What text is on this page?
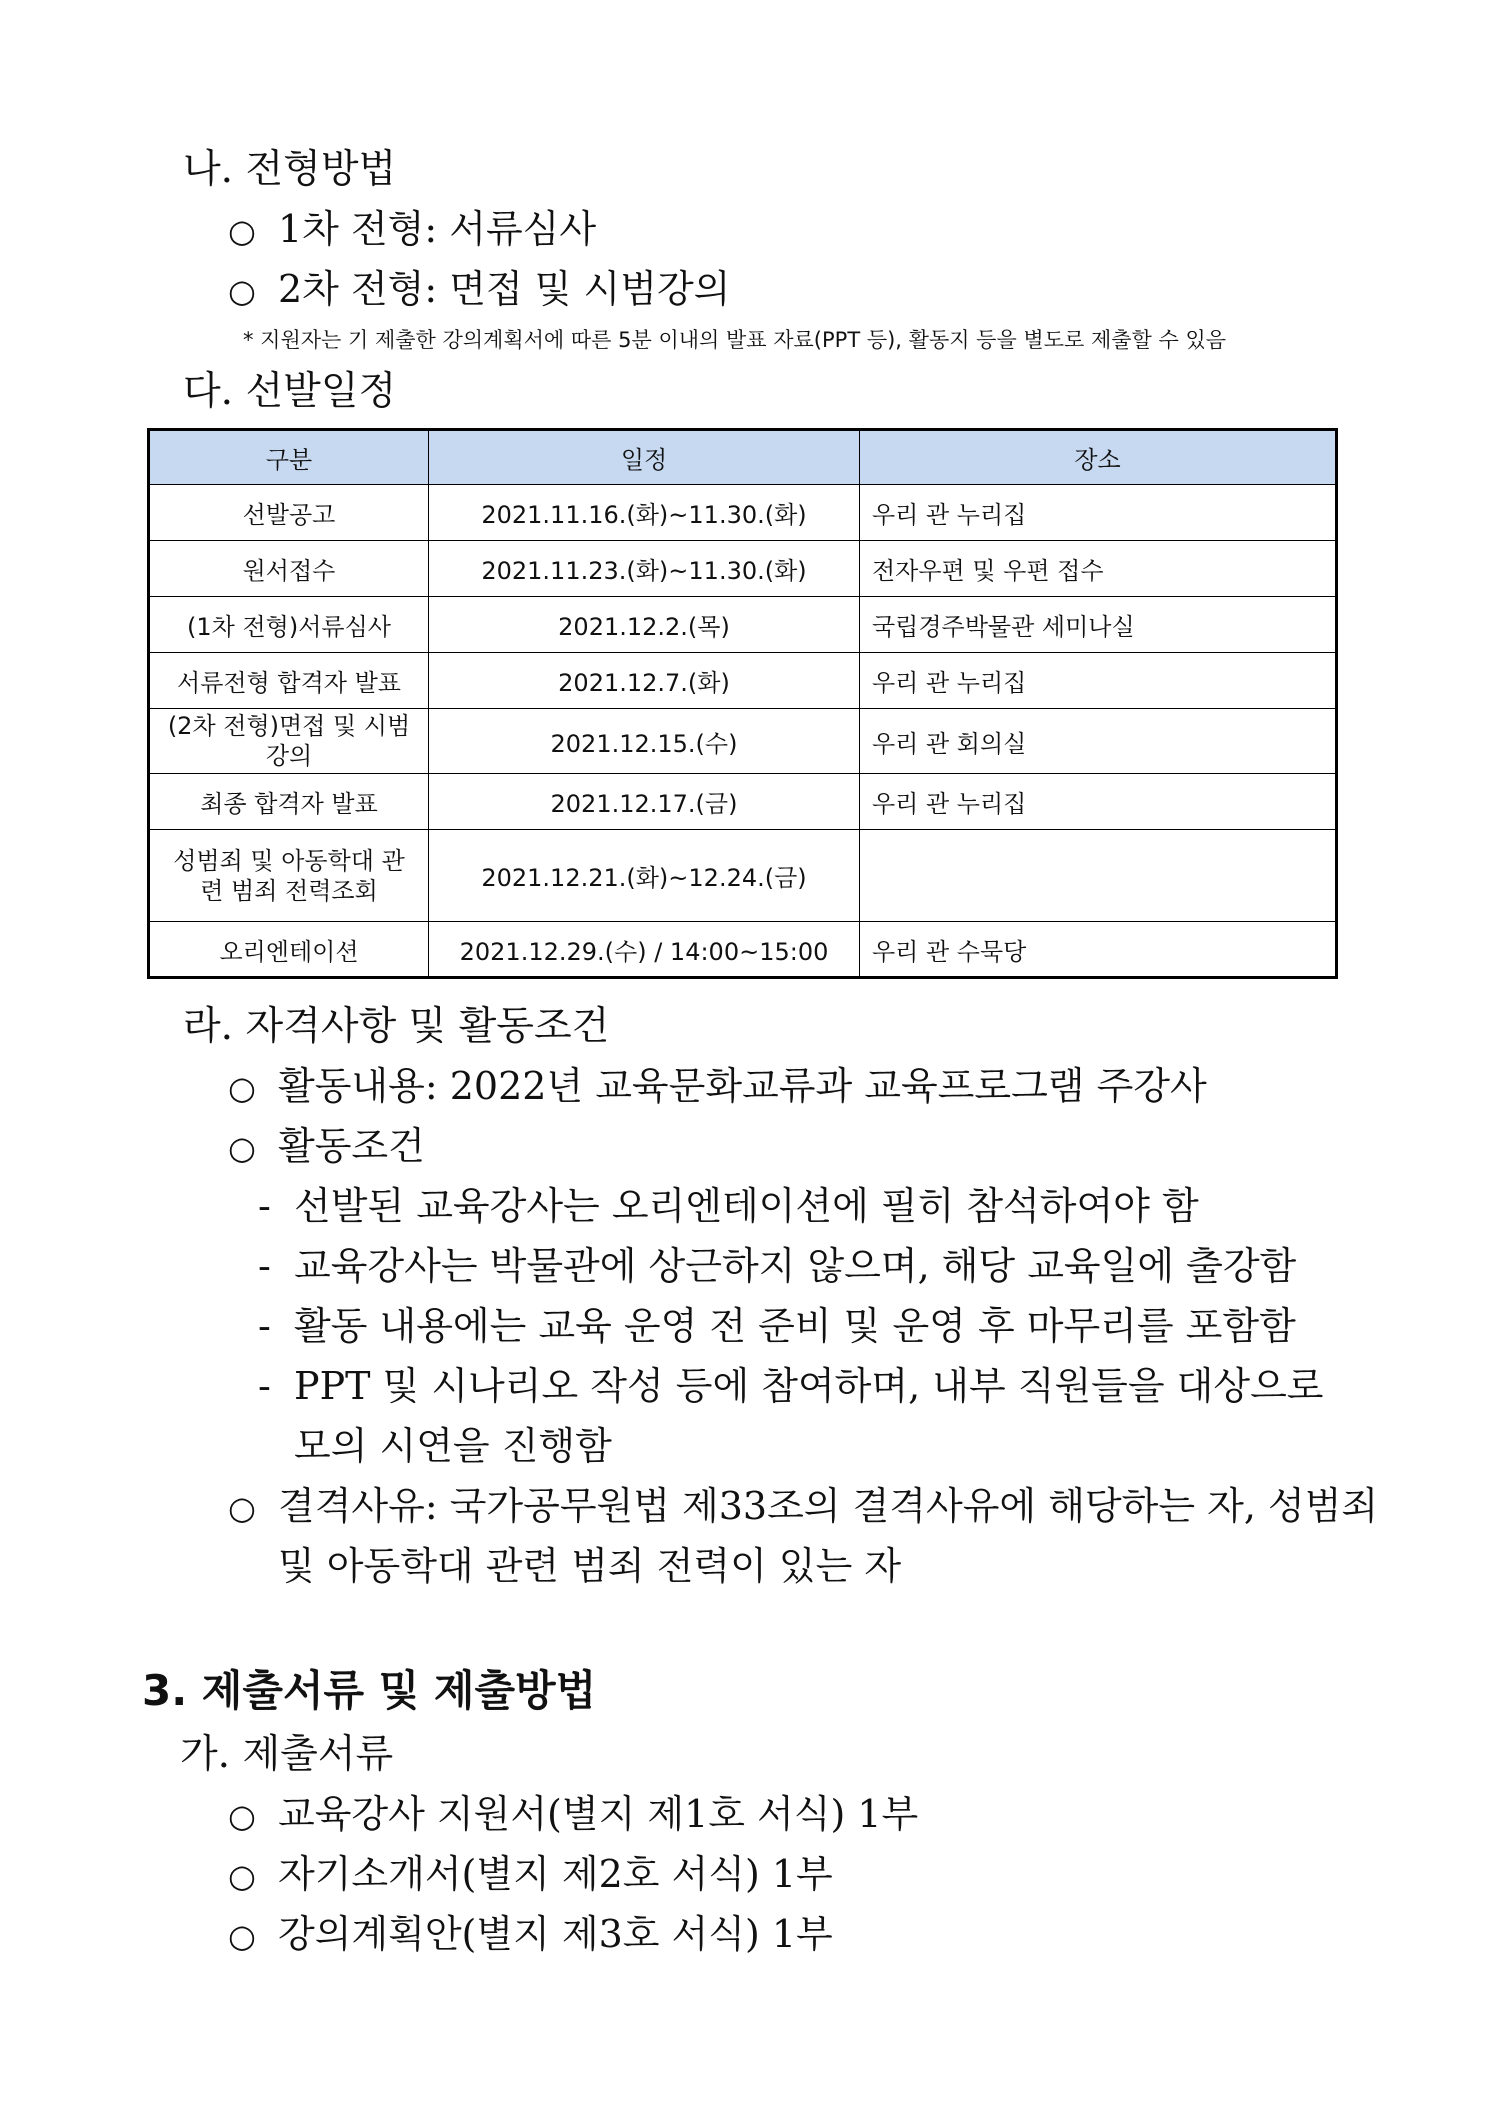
나. 전형방법
○ 1차 전형: 서류심사
○ 2차 전형: 면접 및 시범강의
* 지원자는 기 제출한 강의계획서에 따른 5분 이내의 발표 자료(PPT 등), 활동지 등을 별도로 제출할 수 있음
다. 선발일정
구분	일정	장소
선발공고	2021.11.16.(화)~11.30.(화)	우리 관 누리집
원서접수	2021.11.23.(화)~11.30.(화)	전자우편 및 우편 접수
(1차 전형)서류심사	2021.12.2.(목)	국립경주박물관 세미나실
서류전형 합격자 발표	2021.12.7.(화)	우리 관 누리집
(2차 전형)면접 및 시범강의	2021.12.15.(수)	우리 관 회의실
최종 합격자 발표	2021.12.17.(금)	우리 관 누리집
성범죄 및 아동학대 관련 범죄 전력조회	2021.12.21.(화)~12.24.(금)	
오리엔테이션	2021.12.29.(수) / 14:00~15:00	우리 관 수묵당
라. 자격사항 및 활동조건
○ 활동내용: 2022년 교육문화교류과 교육프로그램 주강사
○ 활동조건
- 선발된 교육강사는 오리엔테이션에 필히 참석하여야 함
- 교육강사는 박물관에 상근하지 않으며, 해당 교육일에 출강함
- 활동 내용에는 교육 운영 전 준비 및 운영 후 마무리를 포함함
- PPT 및 시나리오 작성 등에 참여하며, 내부 직원들을 대상으로
모의 시연을 진행함
○ 결격사유: 국가공무원법 제33조의 결격사유에 해당하는 자, 성범죄
및 아동학대 관련 범죄 전력이 있는 자
3. 제출서류 및 제출방법
가. 제출서류
○ 교육강사 지원서(별지 제1호 서식) 1부
○ 자기소개서(별지 제2호 서식) 1부
○ 강의계획안(별지 제3호 서식) 1부
